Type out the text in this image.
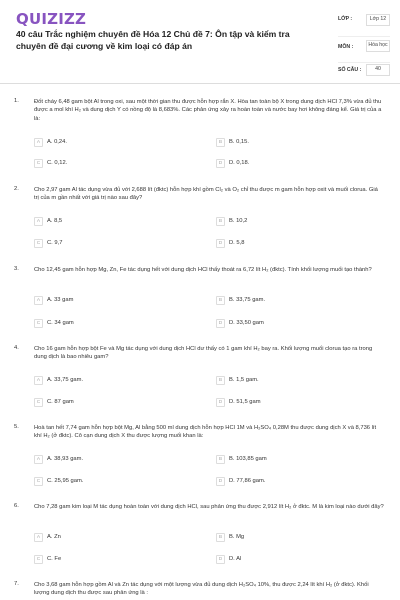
QUIZIZZ
40 câu Trắc nghiệm chuyên đề Hóa 12 Chủ đề 7: Ôn tập và kiểm tra chuyên đề đại cương về kim loại có đáp án
LỚP :	Lớp 12
MÔN :	Hóa học
SỐ CÂU :	40
1.	Đốt cháy 6,48 gam bột Al trong oxi, sau một thời gian thu được hỗn hợp rắn X. Hòa tan toàn bộ X trong dung dịch HCl 7,3% vừa đủ thu được a mol khí H₂ và dung dịch Y có nồng độ là 8,683%. Các phản ứng xảy ra hoàn toàn và nước bay hơi không đáng kể. Giá trị của a là:
A	A. 0,24.	B	B. 0,15.
C	C. 0,12.	D	D. 0,18.
2.	Cho 2,97 gam Al tác dụng vừa đủ với 2,688 lít (đktc) hỗn hợp khí gồm Cl₂ và O₂ chỉ thu được m gam hỗn hợp oxit và muối clorua. Giá trị của m gần nhất với giá trị nào sau đây?
A	A. 8,5	B	B. 10,2
C	C. 9,7	D	D. 5,8
3.	Cho 12,45 gam hỗn hợp Mg, Zn, Fe tác dụng hết với dung dịch HCl thấy thoát ra 6,72 lít H₂ (đktc). Tính khối lượng muối tạo thành?
A	A. 33 gam	B	B. 33,75 gam.
C	C. 34 gam	D	D. 33,50 gam
4.	Cho 16 gam hỗn hợp bột Fe và Mg tác dụng với dung dịch HCl dư thấy có 1 gam khí H₂ bay ra. Khối lượng muối clorua tạo ra trong dung dịch là bao nhiêu gam?
A	A. 33,75 gam.	B	B. 1,5 gam.
C	C. 87 gam	D	D. 51,5 gam
5.	Hoà tan hết 7,74 gam hỗn hợp bột Mg, Al bằng 500 ml dung dịch hỗn hợp HCl 1M và H₂SO₄ 0,28M thu được dung dịch X và 8,736 lít khí H₂ (ở đktc). Cô cạn dung dịch X thu được lượng muối khan là:
A	A. 38,93 gam.	B	B. 103,85 gam
C	C. 25,95 gam.	D	D. 77,86 gam.
6.	Cho 7,28 gam kim loại M tác dụng hoàn toàn với dung dịch HCl, sau phản ứng thu được 2,912 lít H₂ ở đktc. M là kim loại nào dưới đây?
A	A. Zn	B	B. Mg
C	C. Fe	D	D. Al
7.	Cho 3,68 gam hỗn hợp gồm Al và Zn tác dụng với một lượng vừa đủ dung dịch H₂SO₄ 10%, thu được 2,24 lít khí H₂ (ở đktc). Khối lượng dung dịch thu được sau phản ứng là :
